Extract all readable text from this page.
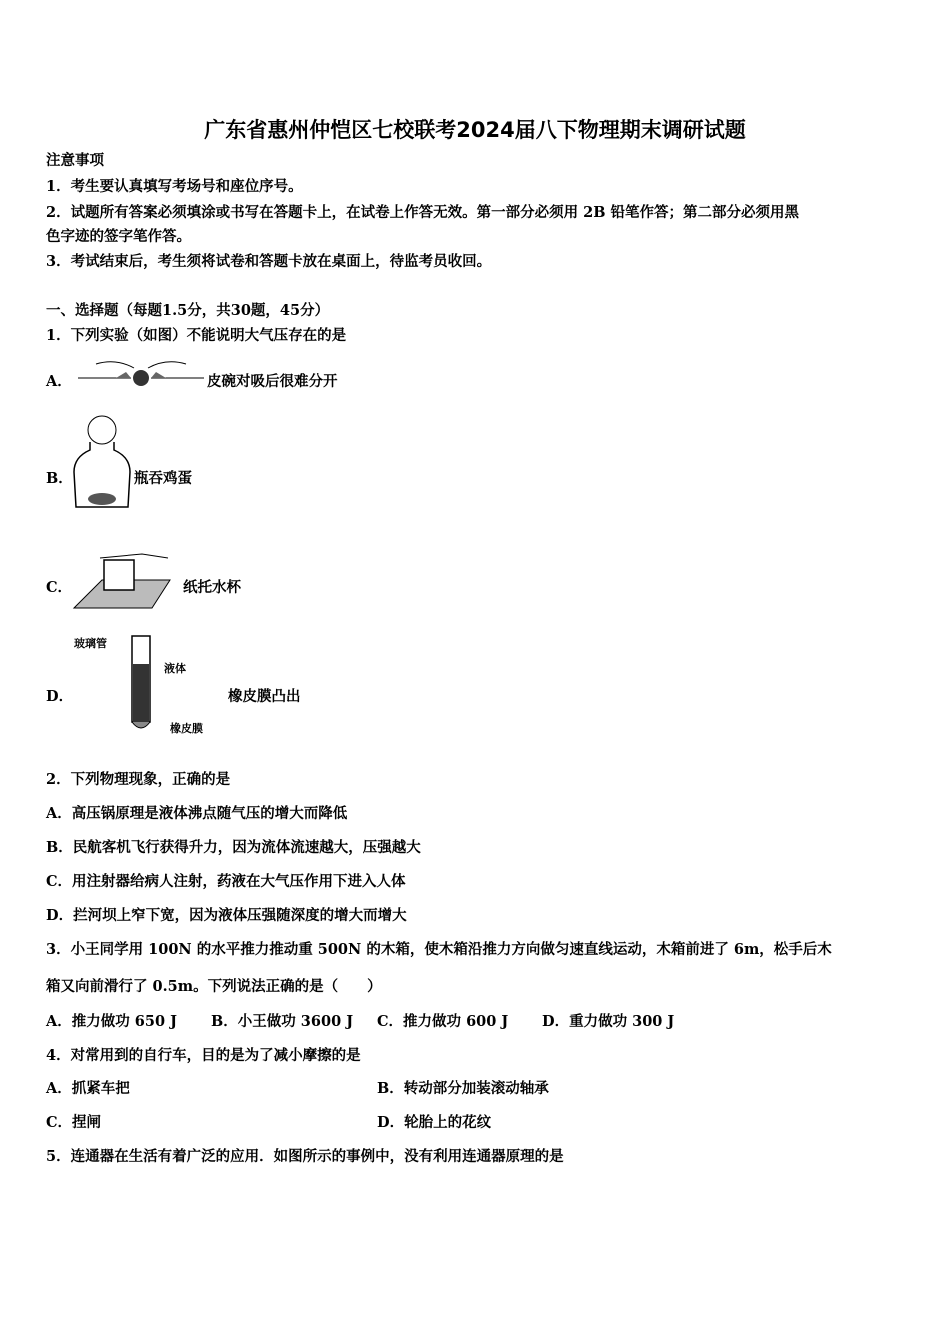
广东省惠州仲恺区七校联考2024届八下物理期末调研试题
注意事项
1．考生要认真填写考场号和座位序号。
2．试题所有答案必须填涂或书写在答题卡上，在试卷上作答无效。第一部分必须用 2B 铅笔作答；第二部分必须用黑
色字迹的签字笔作答。
3．考试结束后，考生须将试卷和答题卡放在桌面上，待监考员收回。
一、选择题（每题1.5分，共30题，45分）
1．下列实验（如图）不能说明大气压存在的是
A．	皮碗对吸后很难分开
B．	瓶吞鸡蛋
C．	纸托水杯
D．
玻璃管
液体
橡皮膜
橡皮膜凸出
2．下列物理现象，正确的是
A．高压锅原理是液体沸点随气压的增大而降低
B．民航客机飞行获得升力，因为流体流速越大，压强越大
C．用注射器给病人注射，药液在大气压作用下进入人体
D．拦河坝上窄下宽，因为液体压强随深度的增大而增大
3．小王同学用 100N 的水平推力推动重 500N 的木箱，使木箱沿推力方向做匀速直线运动，木箱前进了 6m，松手后木
箱又向前滑行了 0.5m。下列说法正确的是（　　）
A．推力做功 650 J B．小王做功 3600 J C．推力做功 600 J D．重力做功 300 J
4．对常用到的自行车，目的是为了减小摩擦的是
A．抓紧车把	B．转动部分加装滚动轴承
C．捏闸	D．轮胎上的花纹
5．连通器在生活有着广泛的应用．如图所示的事例中，没有利用连通器原理的是
